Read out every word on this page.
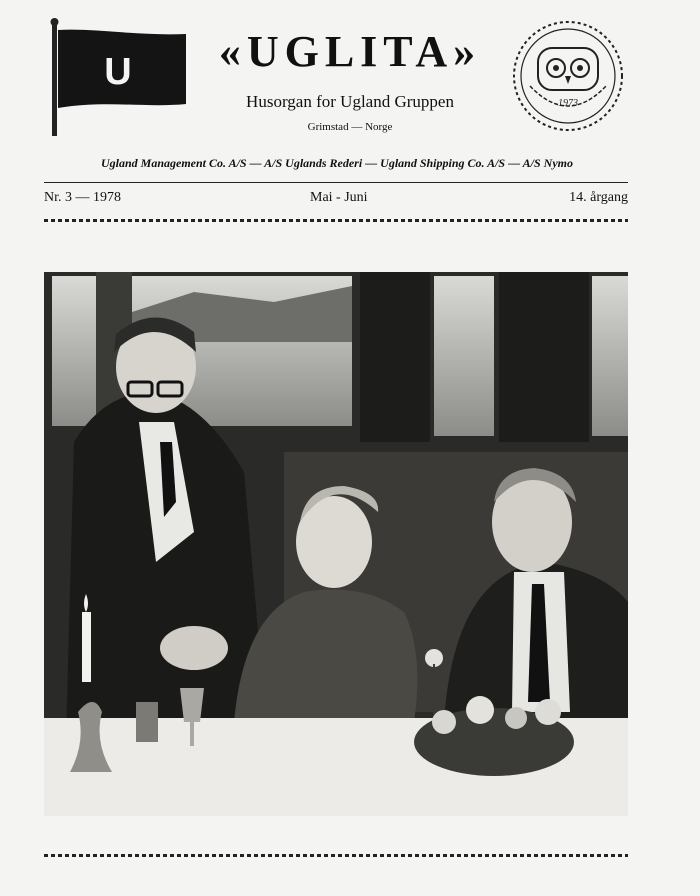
U	«UGLITA»
Husorgan for Ugland Gruppen
Grimstad — Norge
1973
Ugland Management Co. A/S — A/S Uglands Rederi — Ugland Shipping Co. A/S — A/S Nymo
Nr. 3 — 1978	Mai - Juni	14. årgang
